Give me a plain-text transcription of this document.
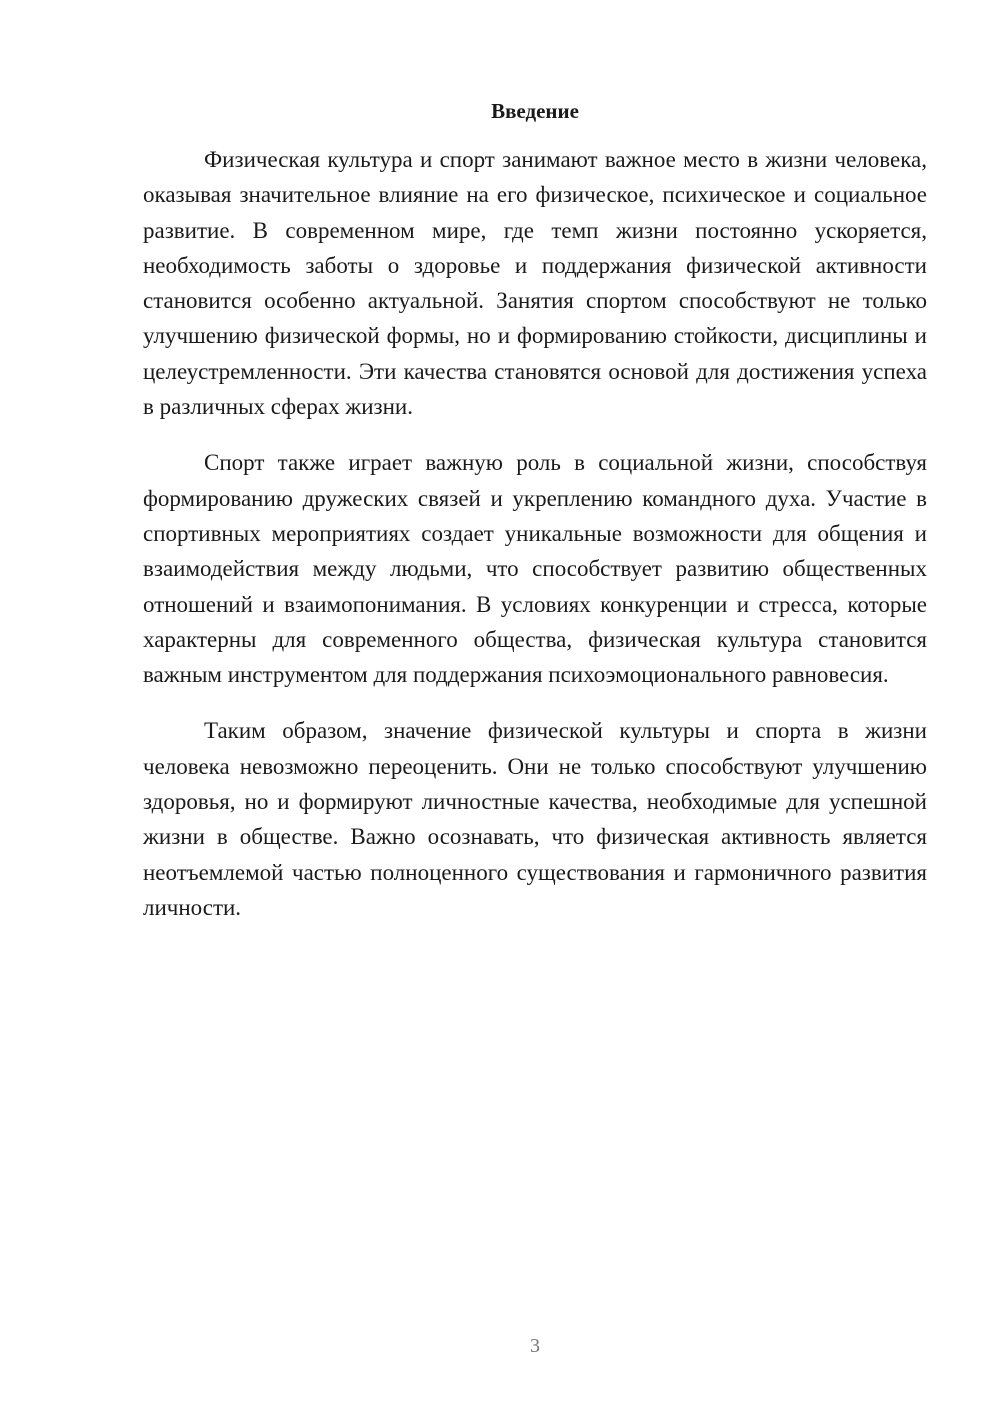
Введение

Физическая культура и спорт занимают важное место в жизни человека, оказывая значительное влияние на его физическое, психическое и социальное развитие. В современном мире, где темп жизни постоянно ускоряется, необходимость заботы о здоровье и поддержания физической активности становится особенно актуальной. Занятия спортом способствуют не только улучшению физической формы, но и формированию стойкости, дисциплины и целеустремленности. Эти качества становятся основой для достижения успеха в различных сферах жизни.

Спорт также играет важную роль в социальной жизни, способствуя формированию дружеских связей и укреплению командного духа. Участие в спортивных мероприятиях создает уникальные возможности для общения и взаимодействия между людьми, что способствует развитию общественных отношений и взаимопонимания. В условиях конкуренции и стресса, которые характерны для современного общества, физическая культура становится важным инструментом для поддержания психоэмоционального равновесия.

Таким образом, значение физической культуры и спорта в жизни человека невозможно переоценить. Они не только способствуют улучшению здоровья, но и формируют личностные качества, необходимые для успешной жизни в обществе. Важно осознавать, что физическая активность является неотъемлемой частью полноценного существования и гармоничного развития личности.

3
